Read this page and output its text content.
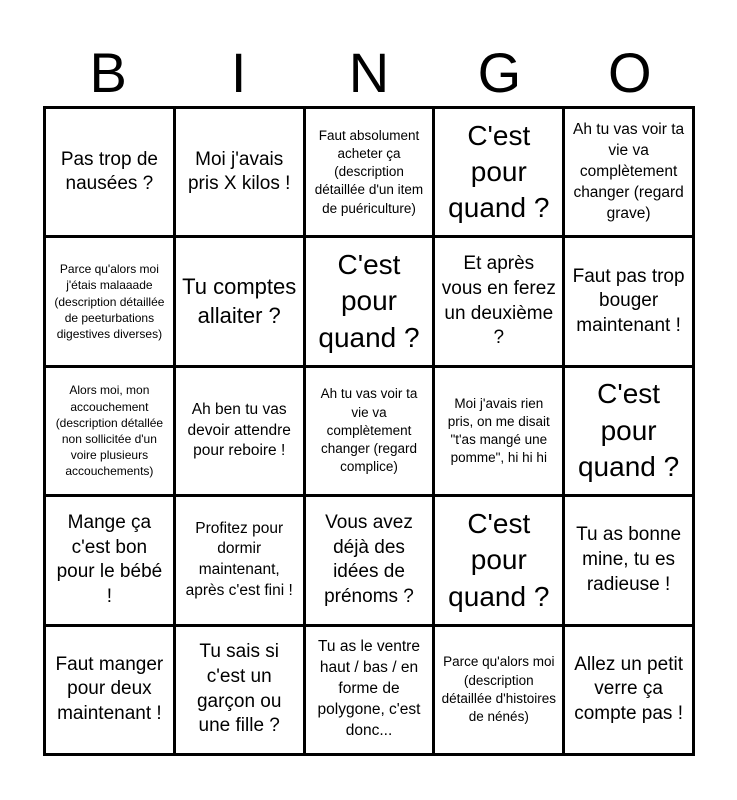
B	I	N	G	O
Pas trop de nausées ?
Moi j'avais pris X kilos !
Faut absolument acheter ça (description détaillée d'un item de puériculture)
C'est pour quand ?
Ah tu vas voir ta vie va complètement changer (regard grave)
Parce qu'alors moi j'étais malaaade (description détaillée de peeturbations digestives diverses)
Tu comptes allaiter ?
C'est pour quand ?
Et après vous en ferez un deuxième ?
Faut pas trop bouger maintenant !
Alors moi, mon accouchement (description détallée non sollicitée d'un voire plusieurs accouchements)
Ah ben tu vas devoir attendre pour reboire !
Ah tu vas voir ta vie va complètement changer (regard complice)
Moi j'avais rien pris, on me disait "t'as mangé une pomme", hi hi hi
C'est pour quand ?
Mange ça c'est bon pour le bébé !
Profitez pour dormir maintenant, après c'est fini !
Vous avez déjà des idées de prénoms ?
C'est pour quand ?
Tu as bonne mine, tu es radieuse !
Faut manger pour deux maintenant !
Tu sais si c'est un garçon ou une fille ?
Tu as le ventre haut / bas / en forme de polygone, c'est donc...
Parce qu'alors moi (description détaillée d'histoires de nénés)
Allez un petit verre ça compte pas !
